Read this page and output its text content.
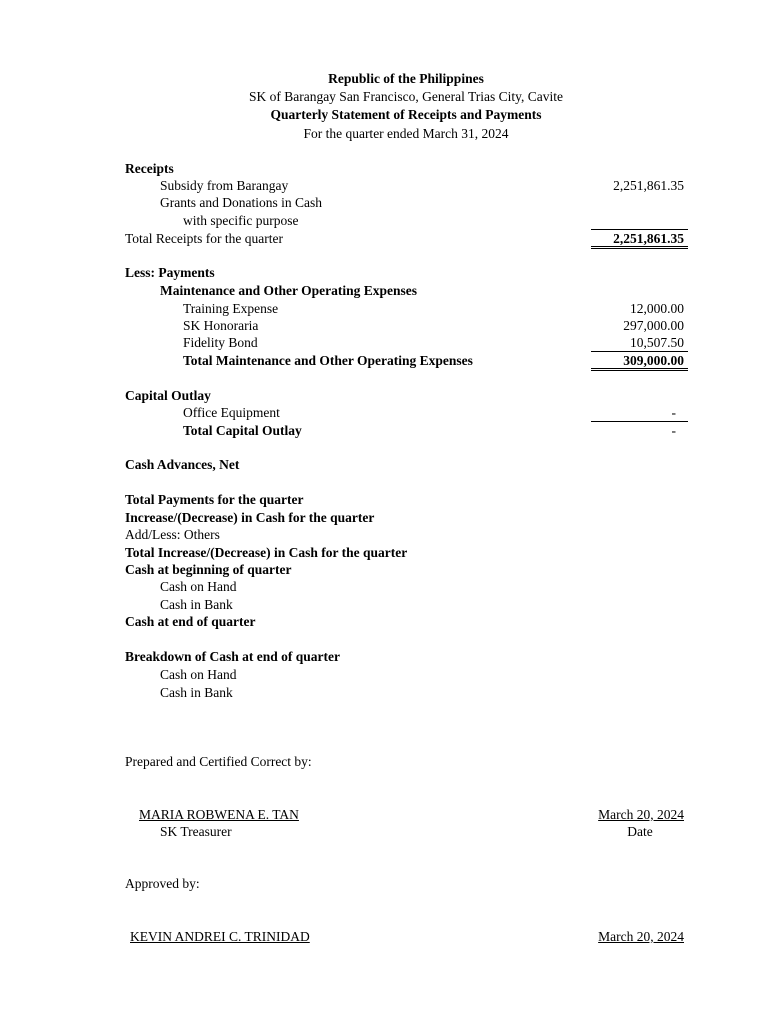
Republic of the Philippines
SK of Barangay San Francisco, General Trias City, Cavite
Quarterly Statement of Receipts and Payments
For the quarter ended March 31, 2024
Receipts
Subsidy from Barangay	2,251,861.35
Grants and Donations in Cash
with specific purpose
Total Receipts for the quarter	2,251,861.35
Less: Payments
Maintenance and Other Operating Expenses
Training Expense	12,000.00
SK Honoraria	297,000.00
Fidelity Bond	10,507.50
Total Maintenance and Other Operating Expenses	309,000.00
Capital Outlay
Office Equipment	-
Total Capital Outlay	-
Cash Advances, Net
Total Payments for the quarter
Increase/(Decrease) in Cash for the quarter
Add/Less: Others
Total Increase/(Decrease) in Cash for the quarter
Cash at beginning of quarter
Cash on Hand
Cash in Bank
Cash at end of quarter
Breakdown of Cash at end of quarter
Cash on Hand
Cash in Bank
Prepared and Certified Correct by:
MARIA ROBWENA E. TAN	March 20, 2024
SK Treasurer	Date
Approved by:
KEVIN ANDREI C. TRINIDAD	March 20, 2024
